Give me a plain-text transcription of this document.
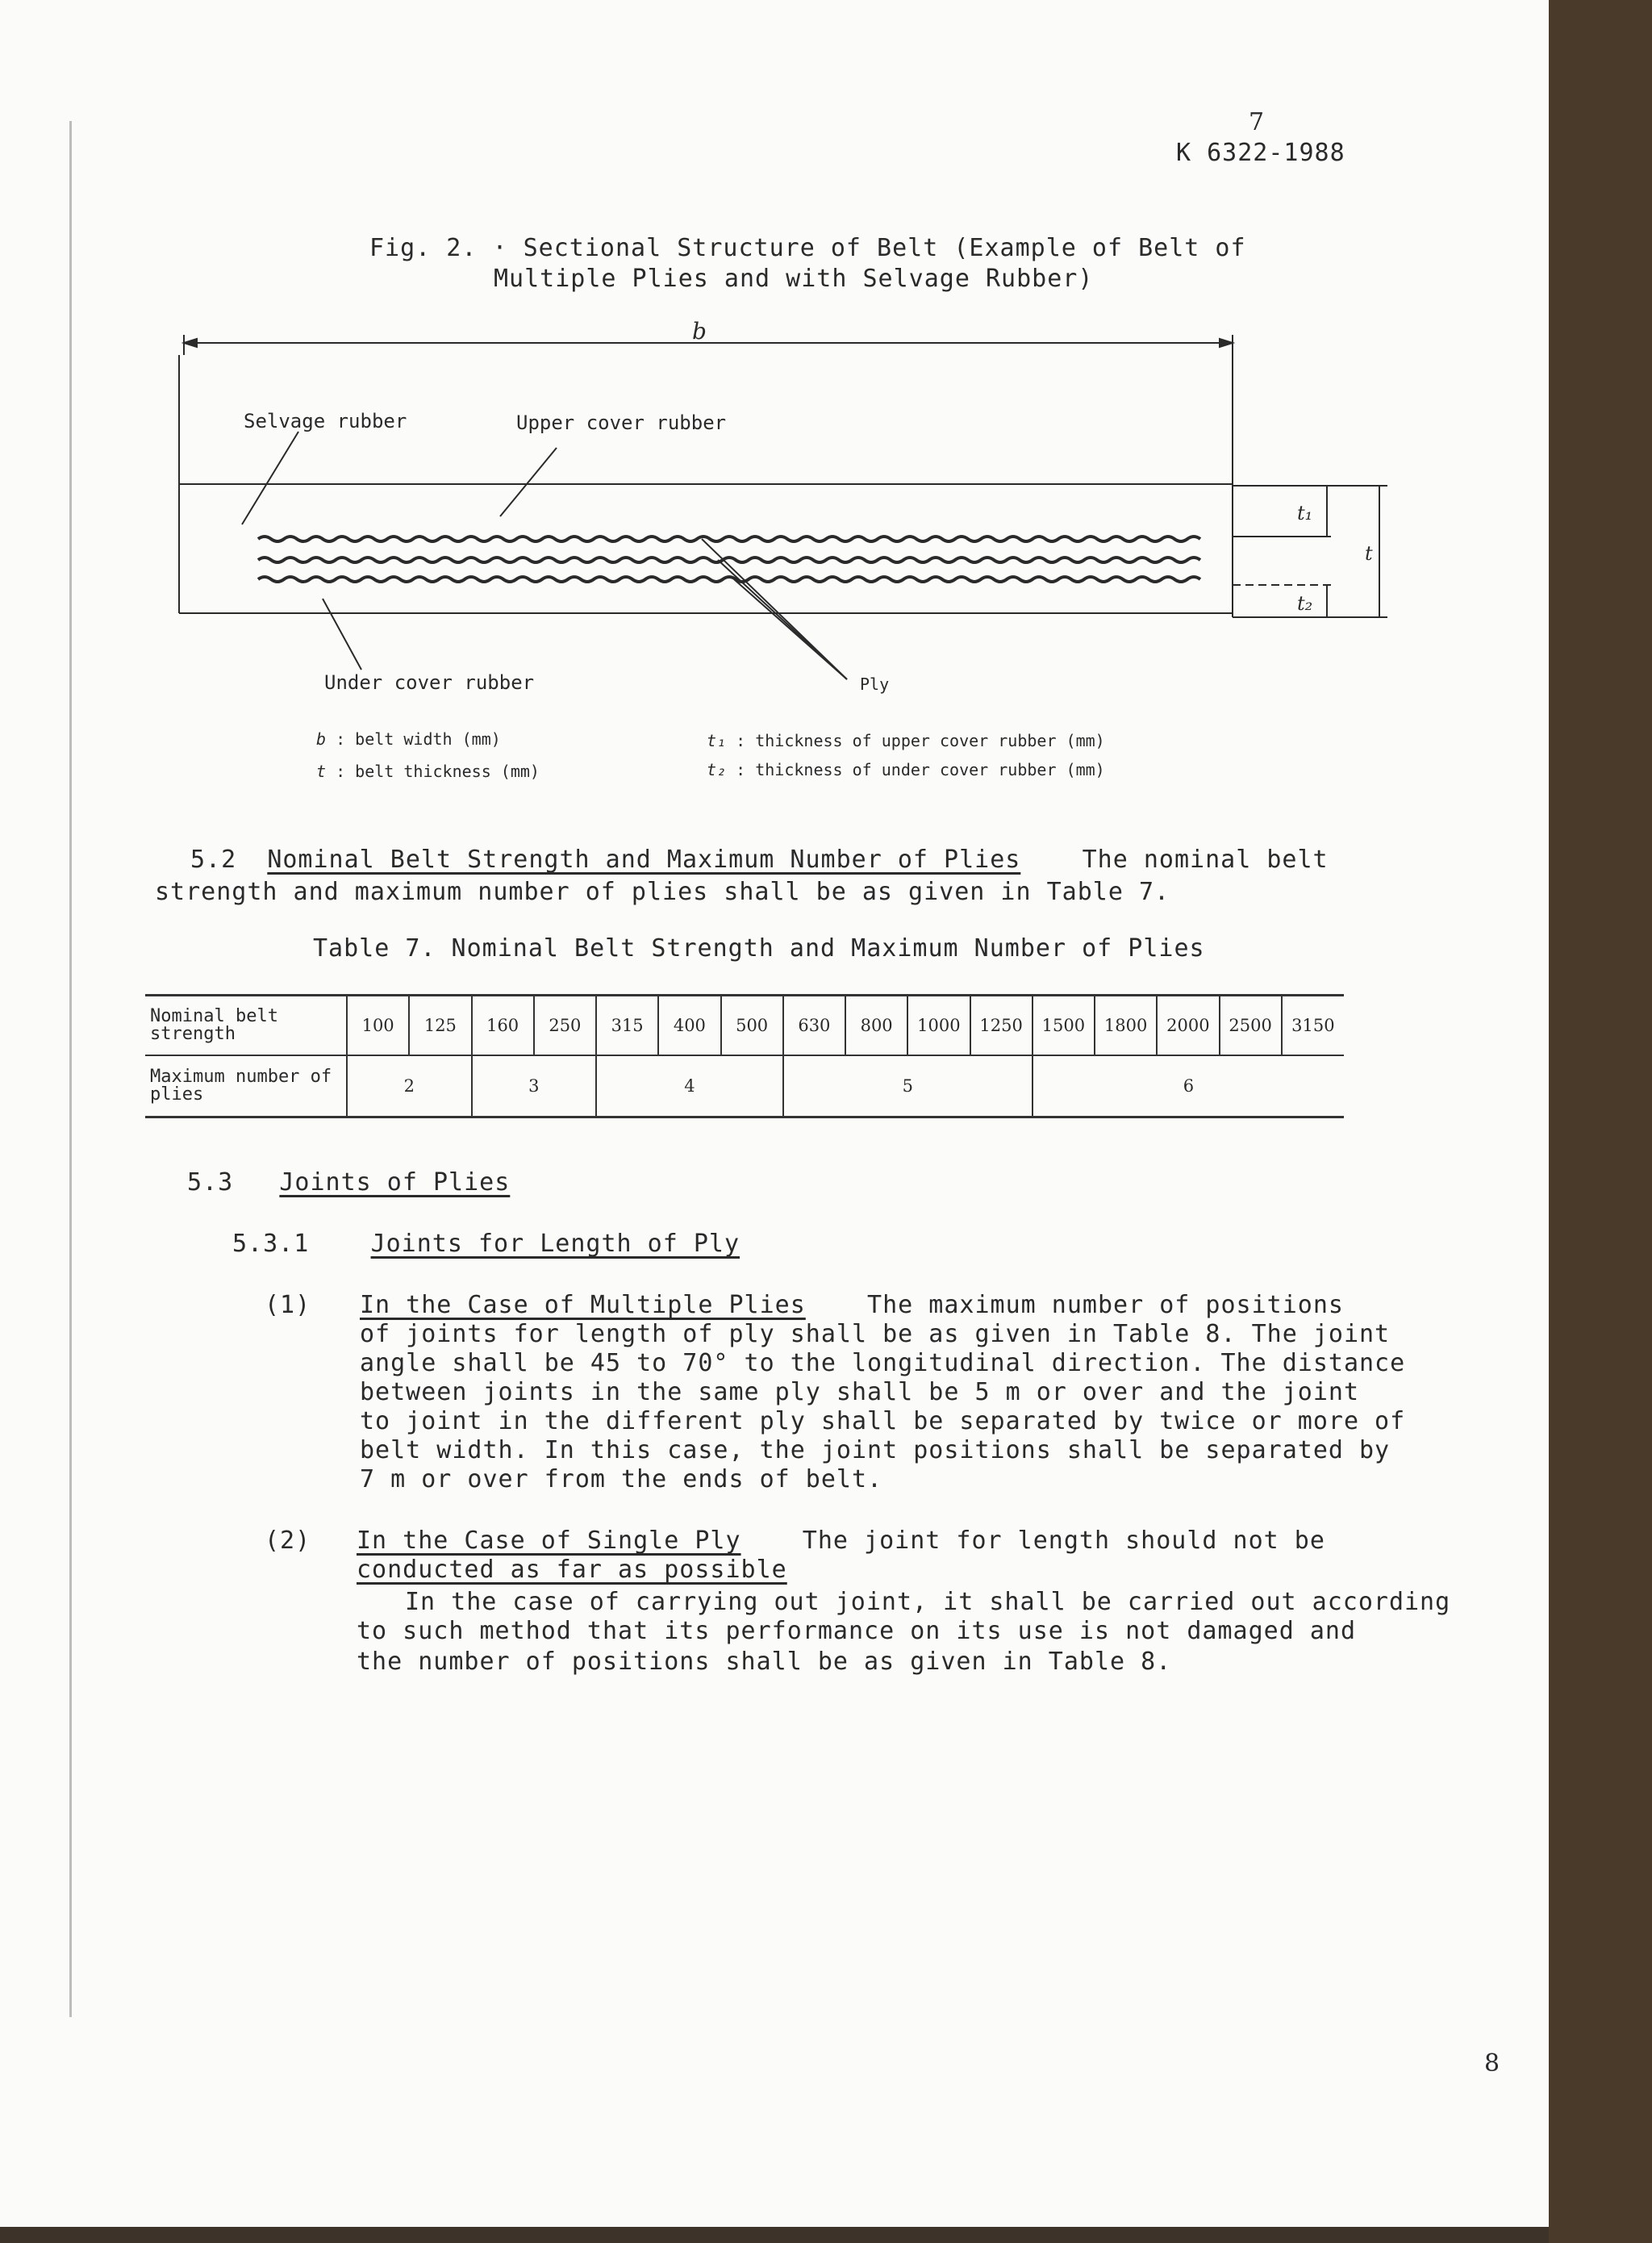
7
K 6322-1988
Fig. 2. · Sectional Structure of Belt (Example of Belt of
Multiple Plies and with Selvage Rubber)
b
t₁
t₂
t
Selvage rubber	Upper cover rubber
Under cover rubber	Ply
b : belt width (mm)
t : belt thickness (mm)
t₁ : thickness of upper cover rubber (mm)
t₂ : thickness of under cover rubber (mm)
5.2 Nominal Belt Strength and Maximum Number of Plies	The nominal belt
strength and maximum number of plies shall be as given in Table 7.
Table 7. Nominal Belt Strength and Maximum Number of Plies
Nominal belt strength	100	125	160	250	315	400	500	630	800	1000	1250	1500	1800	2000	2500	3150
Maximum number of plies	2		3		4			5				6				
5.3 Joints of Plies
5.3.1	Joints for Length of Ply
(1) In the Case of Multiple Plies	The maximum number of positions
of joints for length of ply shall be as given in Table 8. The joint
angle shall be 45 to 70° to the longitudinal direction. The distance
between joints in the same ply shall be 5 m or over and the joint
to joint in the different ply shall be separated by twice or more of
belt width. In this case, the joint positions shall be separated by
7 m or over from the ends of belt.
(2) In the Case of Single Ply	The joint for length should not be
conducted as far as possible
In the case of carrying out joint, it shall be carried out according
to such method that its performance on its use is not damaged and
the number of positions shall be as given in Table 8.
8
